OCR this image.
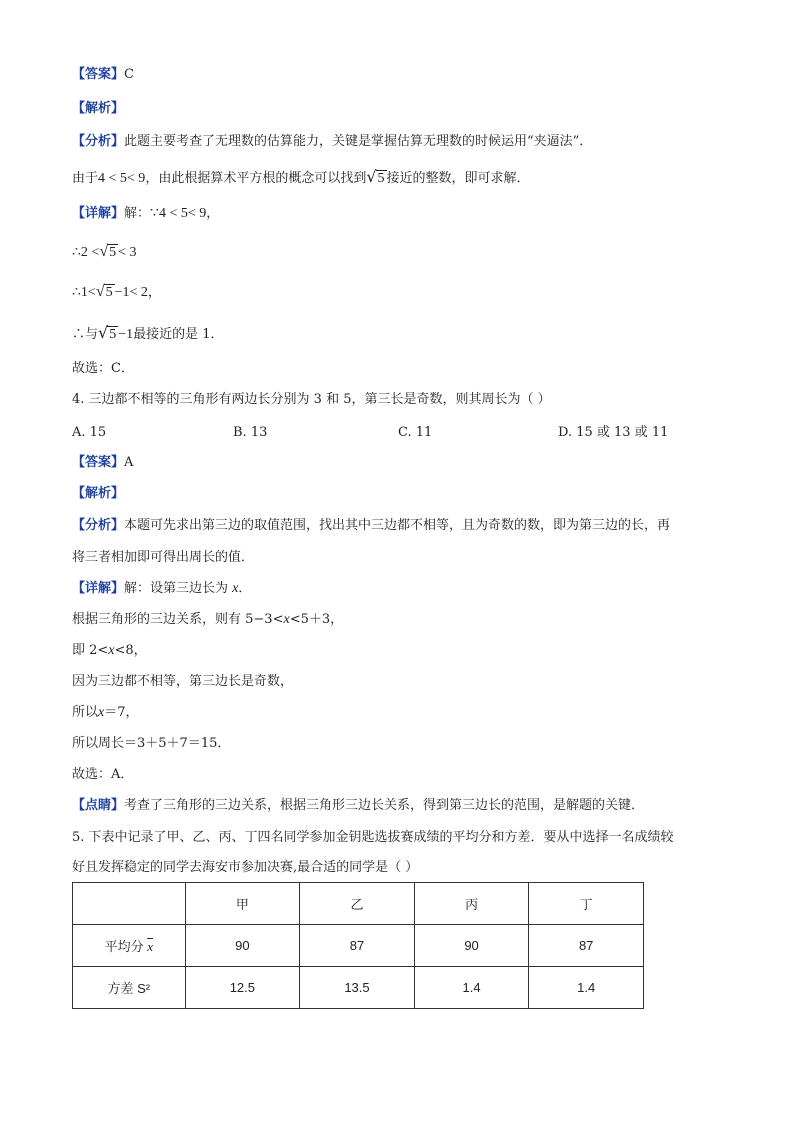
【答案】C
【解析】
【分析】此题主要考查了无理数的估算能力，关键是掌握估算无理数的时候运用“夹逼法”．
由于4 < 5< 9，由此根据算术平方根的概念可以找到√5 接近的整数，即可求解．
【详解】解：∵4 < 5< 9，
∴2 <√5 < 3
∴1<√5 −1< 2，
∴与√5 −1最接近的是 1．
故选：C．
4. 三边都不相等的三角形有两边长分别为 3 和 5，第三长是奇数，则其周长为（ ）
A. 15	B. 13	C. 11	D. 15 或 13 或 11
【答案】A
【解析】
【分析】本题可先求出第三边的取值范围，找出其中三边都不相等，且为奇数的数，即为第三边的长，再
将三者相加即可得出周长的值．
【详解】解：设第三边长为 x．
根据三角形的三边关系，则有 5−3<x<5＋3，
即 2<x<8，
因为三边都不相等，第三边长是奇数，
所以x＝7，
所以周长＝3＋5＋7＝15．
故选：A．
【点睛】考查了三角形的三边关系，根据三角形三边长关系，得到第三边长的范围，是解题的关键．
5. 下表中记录了甲、乙、丙、丁四名同学参加金钥匙选拔赛成绩的平均分和方差．要从中选择一名成绩较
好且发挥稳定的同学去海安市参加决赛,最合适的同学是（ ）
	甲	乙	丙	丁
平均分 $\overline{x}$	90	87	90	87
方差 S²	12.5	13.5	1.4	1.4
